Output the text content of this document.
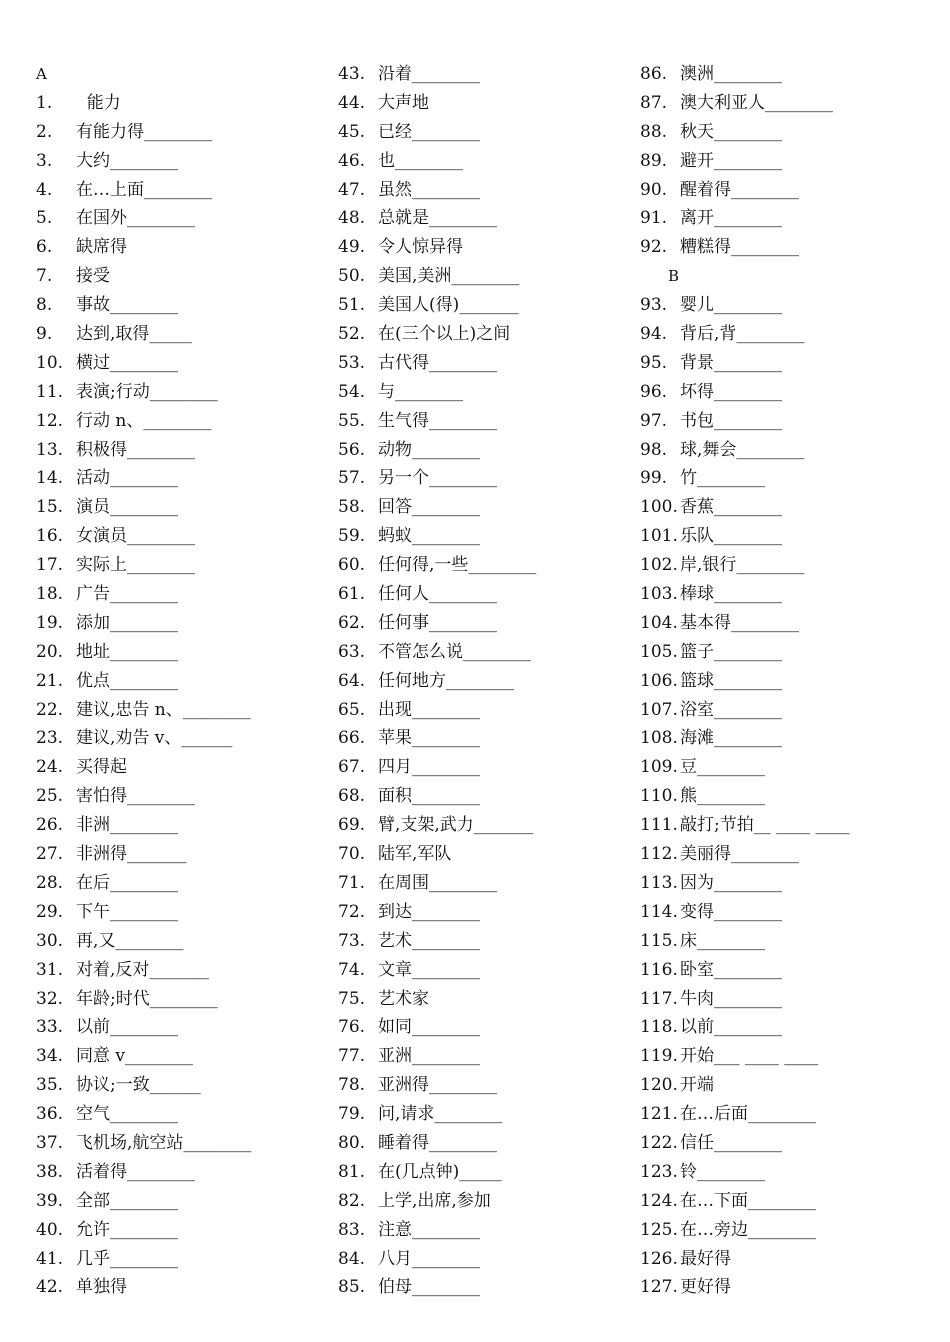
A
1.  能力
2. 有能力得________
3. 大约________
4. 在…上面________
5. 在国外________
6. 缺席得
7. 接受
8. 事故________
9. 达到,取得_____
10. 横过________
11. 表演;行动________
12. 行动 n、________
13. 积极得________
14. 活动________
15. 演员________
16. 女演员________
17. 实际上________
18. 广告________
19. 添加________
20. 地址________
21. 优点________
22. 建议,忠告 n、________
23. 建议,劝告 v、______
24. 买得起
25. 害怕得________
26. 非洲________
27. 非洲得_______
28. 在后________
29. 下午________
30. 再,又________
31. 对着,反对_______
32. 年龄;时代________
33. 以前________
34. 同意 v________
35. 协议;一致______
36. 空气________
37. 飞机场,航空站________
38. 活着得________
39. 全部________
40. 允许________
41. 几乎________
42. 单独得
43. 沿着________
44. 大声地
45. 已经________
46. 也________
47. 虽然________
48. 总就是________
49. 令人惊异得
50. 美国,美洲________
51. 美国人(得)_______
52. 在(三个以上)之间
53. 古代得________
54. 与________
55. 生气得________
56. 动物________
57. 另一个________
58. 回答________
59. 蚂蚁________
60. 任何得,一些________
61. 任何人________
62. 任何事________
63. 不管怎么说________
64. 任何地方________
65. 出现________
66. 苹果________
67. 四月________
68. 面积________
69. 臂,支架,武力_______
70. 陆军,军队
71. 在周围________
72. 到达________
73. 艺术________
74. 文章________
75. 艺术家
76. 如同________
77. 亚洲________
78. 亚洲得________
79. 问,请求________
80. 睡着得________
81. 在(几点钟)_____
82. 上学,出席,参加
83. 注意________
84. 八月________
85. 伯母________
86. 澳洲________
87. 澳大利亚人________
88. 秋天________
89. 避开________
90. 醒着得________
91. 离开________
92. 糟糕得________
B
93. 婴儿________
94. 背后,背________
95. 背景________
96. 坏得________
97. 书包________
98. 球,舞会________
99. 竹________
100. 香蕉________
101. 乐队________
102. 岸,银行________
103. 棒球________
104. 基本得________
105. 篮子________
106. 篮球________
107. 浴室________
108. 海滩________
109. 豆________
110. 熊________
111. 敲打;节拍__ ____ ____
112. 美丽得________
113. 因为________
114. 变得________
115. 床________
116. 卧室________
117. 牛肉________
118. 以前________
119. 开始___ ____ ____
120. 开端
121. 在…后面________
122. 信任________
123. 铃________
124. 在…下面________
125. 在…旁边________
126. 最好得
127. 更好得
